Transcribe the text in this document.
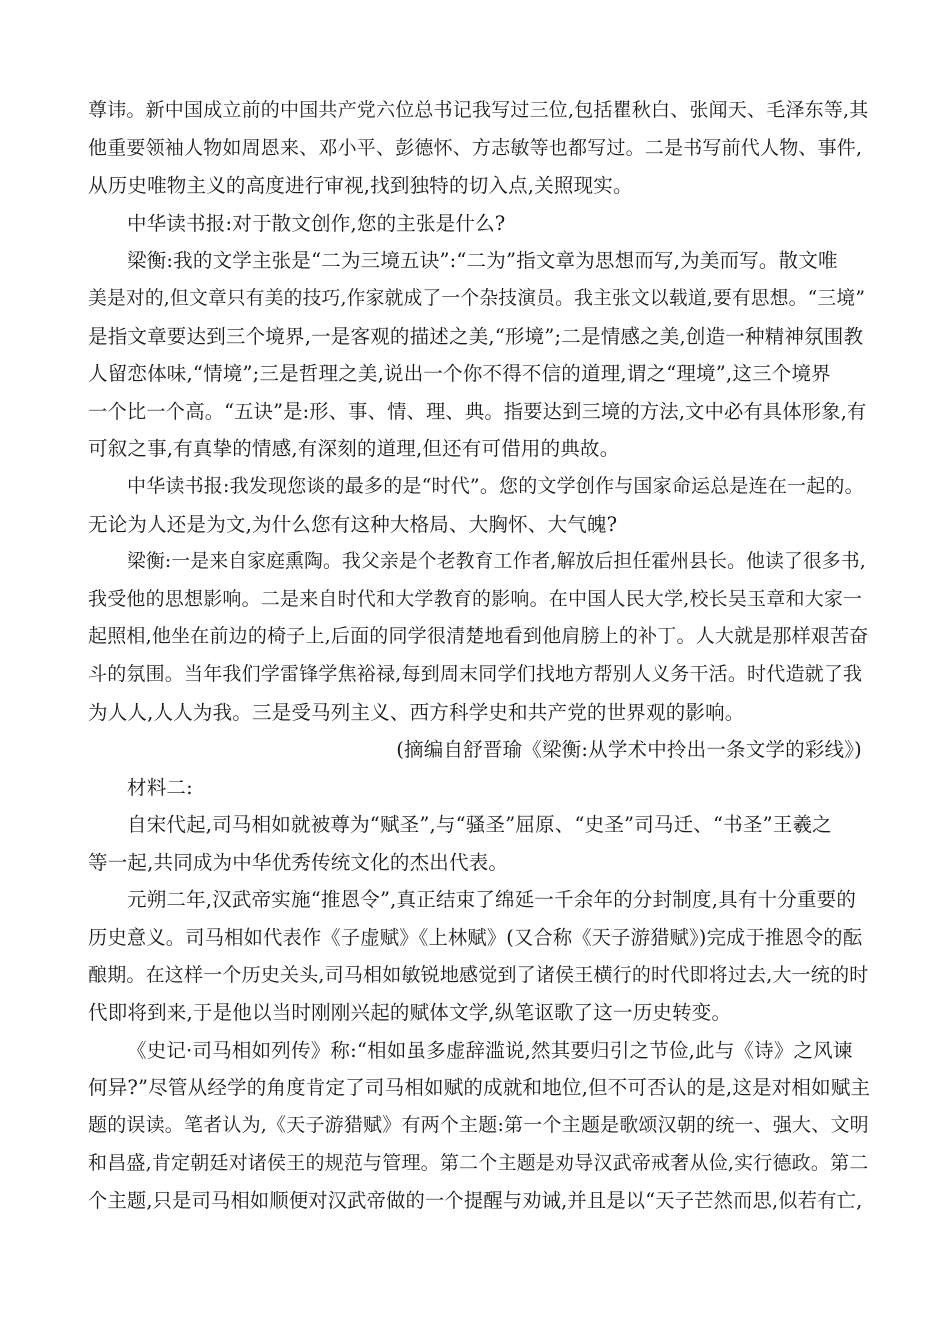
尊讳。新中国成立前的中国共产党六位总书记我写过三位,包括瞿秋白、张闻天、毛泽东等,其
他重要领袖人物如周恩来、邓小平、彭德怀、方志敏等也都写过。二是书写前代人物、事件,
从历史唯物主义的高度进行审视,找到独特的切入点,关照现实。
中华读书报:对于散文创作,您的主张是什么?
梁衡:我的文学主张是“二为三境五诀”:“二为”指文章为思想而写,为美而写。散文唯
美是对的,但文章只有美的技巧,作家就成了一个杂技演员。我主张文以载道,要有思想。“三境”
是指文章要达到三个境界,一是客观的描述之美,“形境”;二是情感之美,创造一种精神氛围教
人留恋体味,“情境”;三是哲理之美,说出一个你不得不信的道理,谓之“理境”,这三个境界
一个比一个高。“五诀”是:形、事、情、理、典。指要达到三境的方法,文中必有具体形象,有
可叙之事,有真挚的情感,有深刻的道理,但还有可借用的典故。
中华读书报:我发现您谈的最多的是“时代”。您的文学创作与国家命运总是连在一起的。
无论为人还是为文,为什么您有这种大格局、大胸怀、大气魄?
梁衡:一是来自家庭熏陶。我父亲是个老教育工作者,解放后担任霍州县长。他读了很多书,
我受他的思想影响。二是来自时代和大学教育的影响。在中国人民大学,校长吴玉章和大家一
起照相,他坐在前边的椅子上,后面的同学很清楚地看到他肩膀上的补丁。人大就是那样艰苦奋
斗的氛围。当年我们学雷锋学焦裕禄,每到周末同学们找地方帮别人义务干活。时代造就了我
为人人,人人为我。三是受马列主义、西方科学史和共产党的世界观的影响。
(摘编自舒晋瑜《梁衡:从学术中拎出一条文学的彩线》)
材料二:
自宋代起,司马相如就被尊为“赋圣”,与“骚圣”屈原、“史圣”司马迁、“书圣”王羲之
等一起,共同成为中华优秀传统文化的杰出代表。
元朔二年,汉武帝实施“推恩令”,真正结束了绵延一千余年的分封制度,具有十分重要的
历史意义。司马相如代表作《子虚赋》《上林赋》(又合称《天子游猎赋》)完成于推恩令的酝
酿期。在这样一个历史关头,司马相如敏锐地感觉到了诸侯王横行的时代即将过去,大一统的时
代即将到来,于是他以当时刚刚兴起的赋体文学,纵笔讴歌了这一历史转变。
《史记·司马相如列传》称:“相如虽多虚辞滥说,然其要归引之节俭,此与《诗》之风谏
何异?”尽管从经学的角度肯定了司马相如赋的成就和地位,但不可否认的是,这是对相如赋主
题的误读。笔者认为,《天子游猎赋》有两个主题:第一个主题是歌颂汉朝的统一、强大、文明
和昌盛,肯定朝廷对诸侯王的规范与管理。第二个主题是劝导汉武帝戒奢从俭,实行德政。第二
个主题,只是司马相如顺便对汉武帝做的一个提醒与劝诫,并且是以“天子芒然而思,似若有亡,
